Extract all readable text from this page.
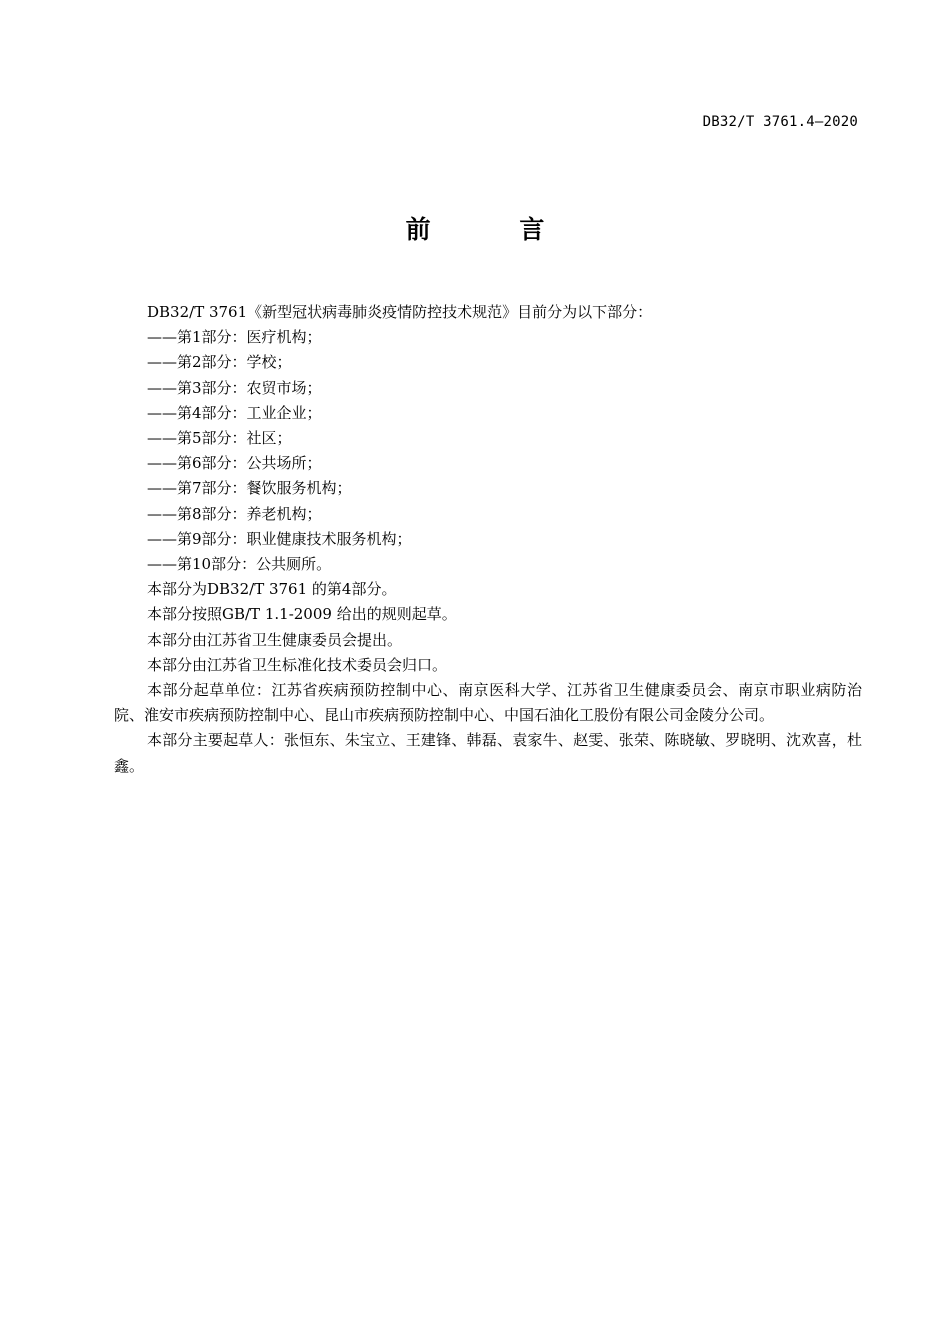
DB32/T 3761.4—2020
前 言

DB32/T 3761《新型冠状病毒肺炎疫情防控技术规范》目前分为以下部分：

——第1部分：医疗机构；

——第2部分：学校；

——第3部分：农贸市场；

——第4部分：工业企业；

——第5部分：社区；

——第6部分：公共场所；

——第7部分：餐饮服务机构；

——第8部分：养老机构；

——第9部分：职业健康技术服务机构；

——第10部分：公共厕所。

本部分为DB32/T 3761 的第4部分。

本部分按照GB/T 1.1-2009 给出的规则起草。

本部分由江苏省卫生健康委员会提出。

本部分由江苏省卫生标准化技术委员会归口。

本部分起草单位：江苏省疾病预防控制中心、南京医科大学、江苏省卫生健康委员会、南京市职业病防治院、淮安市疾病预防控制中心、昆山市疾病预防控制中心、中国石油化工股份有限公司金陵分公司。

本部分主要起草人：张恒东、朱宝立、王建锋、韩磊、袁家牛、赵雯、张荣、陈晓敏、罗晓明、沈欢喜，杜鑫。
